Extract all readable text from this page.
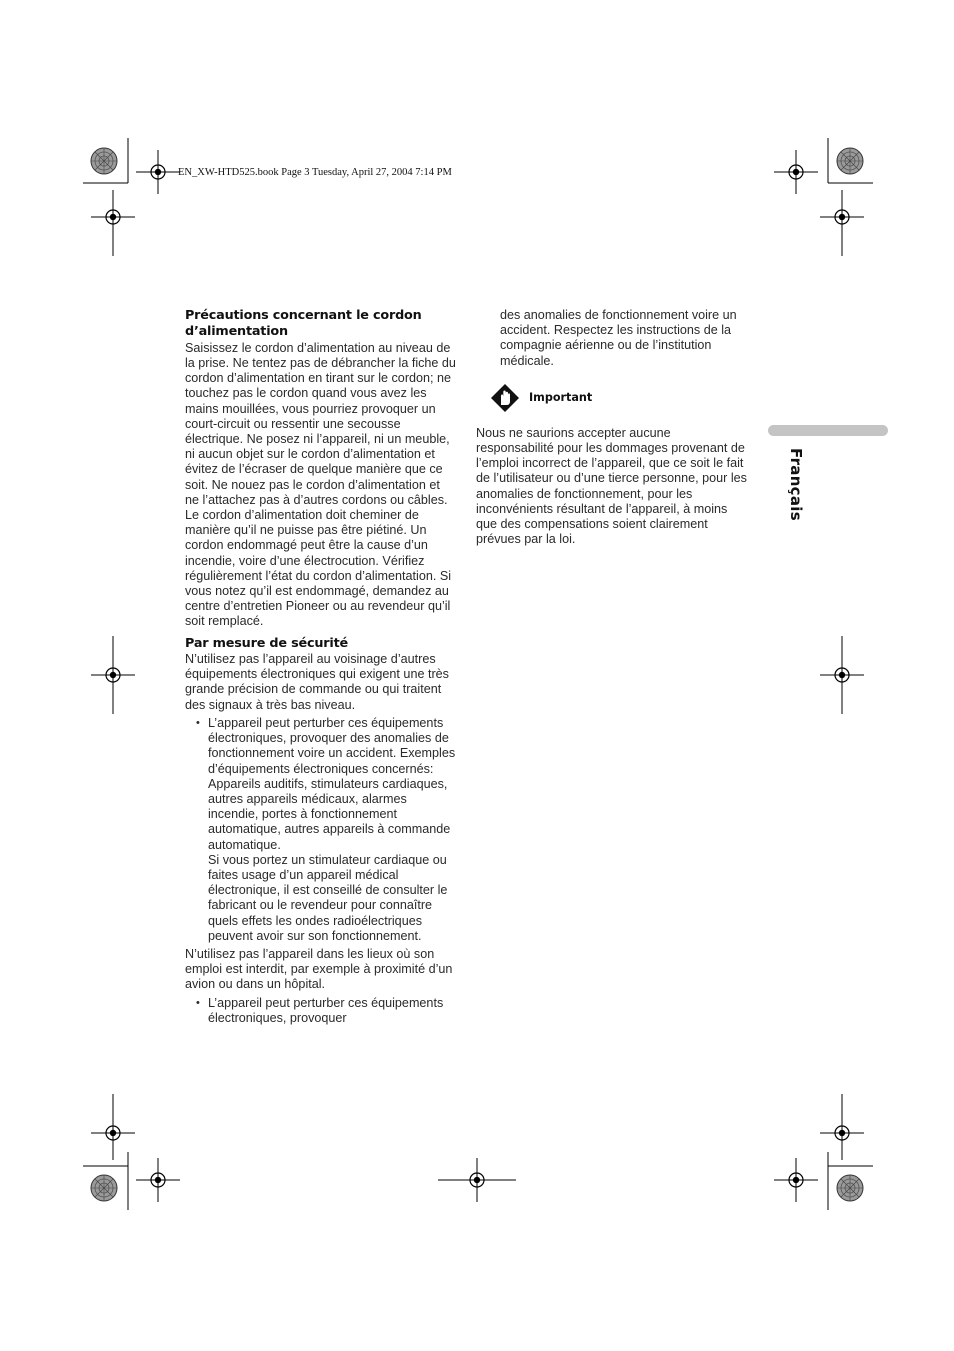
EN_XW-HTD525.book Page 3 Tuesday, April 27, 2004 7:14 PM
Français
Précautions concernant le cordon d’alimentation

Saisissez le cordon d’alimentation au niveau de la prise. Ne tentez pas de débrancher la fiche du cordon d’alimentation en tirant sur le cordon; ne touchez pas le cordon quand vous avez les mains mouillées, vous pourriez provoquer un court-circuit ou ressentir une secousse électrique. Ne posez ni l’appareil, ni un meuble, ni aucun objet sur le cordon d’alimentation et évitez de l’écraser de quelque manière que ce soit. Ne nouez pas le cordon d’alimentation et ne l’attachez pas à d’autres cordons ou câbles. Le cordon d’alimentation doit cheminer de manière qu’il ne puisse pas être piétiné. Un cordon endommagé peut être la cause d’un incendie, voire d’une électrocution. Vérifiez régulièrement l’état du cordon d’alimentation. Si vous notez qu’il est endommagé, demandez au centre d’entretien Pioneer ou au revendeur qu’il soit remplacé.

Par mesure de sécurité

N’utilisez pas l’appareil au voisinage d’autres équipements électroniques qui exigent une très grande précision de commande ou qui traitent des signaux à très bas niveau.

• L’appareil peut perturber ces équipements électroniques, provoquer des anomalies de fonctionnement voire un accident. Exemples d’équipements électroniques concernés:
Appareils auditifs, stimulateurs cardiaques, autres appareils médicaux, alarmes incendie, portes à fonctionnement automatique, autres appareils à commande automatique.
Si vous portez un stimulateur cardiaque ou faites usage d’un appareil médical électronique, il est conseillé de consulter le fabricant ou le revendeur pour connaître quels effets les ondes radioélectriques peuvent avoir sur son fonctionnement.

N’utilisez pas l’appareil dans les lieux où son emploi est interdit, par exemple à proximité d’un avion ou dans un hôpital.

• L’appareil peut perturber ces équipements électroniques, provoquer

des anomalies de fonctionnement voire un accident. Respectez les instructions de la compagnie aérienne ou de l’institution médicale.

Important

Nous ne saurions accepter aucune responsabilité pour les dommages provenant de l’emploi incorrect de l’appareil, que ce soit le fait de l’utilisateur ou d’une tierce personne, pour les anomalies de fonctionnement, pour les inconvénients résultant de l’appareil, à moins que des compensations soient clairement prévues par la loi.
